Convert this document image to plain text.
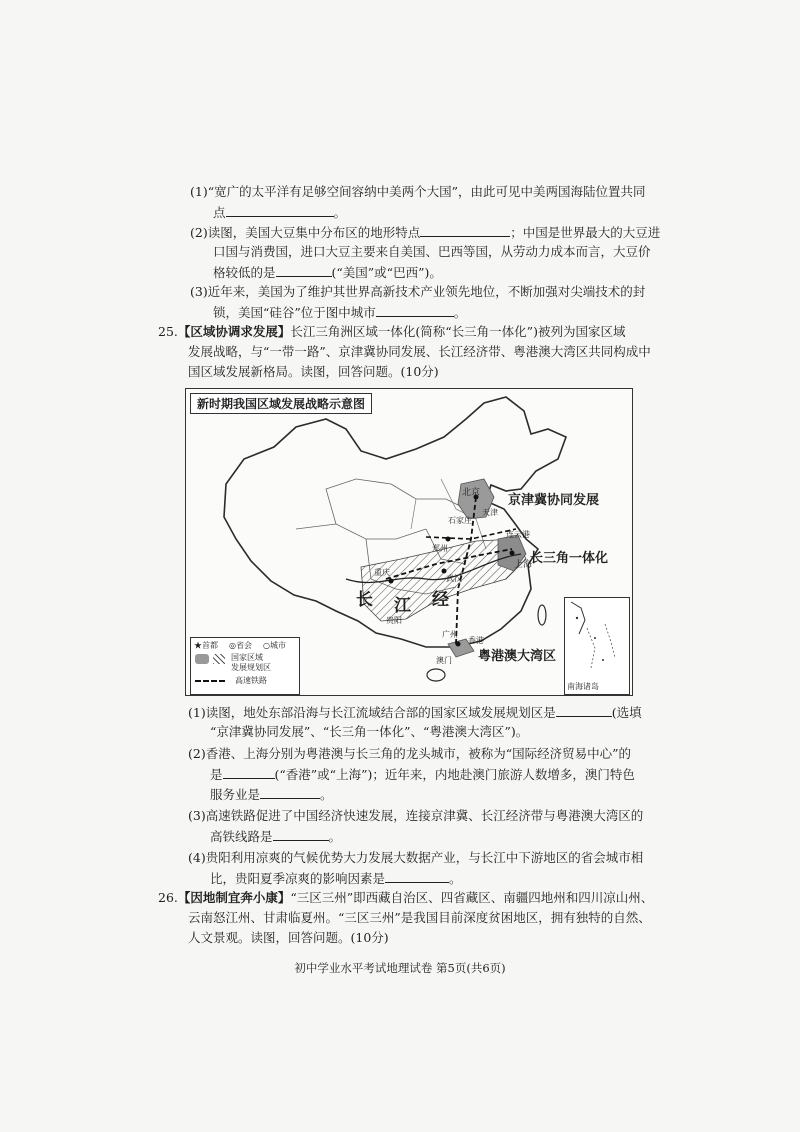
(1)“宽广的太平洋有足够空间容纳中美两个大国”，由此可见中美两国海陆位置共同
点	。
(2)读图，美国大豆集中分布区的地形特点	；中国是世界最大的大豆进
口国与消费国，进口大豆主要来自美国、巴西等国，从劳动力成本而言，大豆价
格较低的是	(“美国”或“巴西”)。
(3)近年来，美国为了维护其世界高新技术产业领先地位，不断加强对尖端技术的封
锁，美国“硅谷”位于图中城市	。
25.【区域协调求发展】长江三角洲区域一体化(简称“长三角一体化”)被列为国家区域
发展战略，与“一带一路”、京津冀协同发展、长江经济带、粤港澳大湾区共同构成中
新时期我国区域发展战略示意图
京津冀协同发展
长三角一体化
粤港澳大湾区
长 江 经
北京
天津
石家庄
连云港
郑州
上海
武汉
重庆
贵阳
广州
香港
澳门
★首都 ◎省会 ○城市
国家区域
发展规划区
高速铁路
南海诸岛
国区域发展新格局。读图，回答问题。(10分)
(1)读图，地处东部沿海与长江流域结合部的国家区域发展规划区是	(选填
“京津冀协同发展”、“长三角一体化”、“粤港澳大湾区”)。
(2)香港、上海分别为粤港澳与长三角的龙头城市，被称为“国际经济贸易中心”的
是	(“香港”或“上海”)；近年来，内地赴澳门旅游人数增多，澳门特色
服务业是	。
(3)高速铁路促进了中国经济快速发展，连接京津冀、长江经济带与粤港澳大湾区的
高铁线路是	。
(4)贵阳利用凉爽的气候优势大力发展大数据产业，与长江中下游地区的省会城市相
比，贵阳夏季凉爽的影响因素是	。
26.【因地制宜奔小康】“三区三州”即西藏自治区、四省藏区、南疆四地州和四川凉山州、
云南怒江州、甘肃临夏州。“三区三州”是我国目前深度贫困地区，拥有独特的自然、
人文景观。读图，回答问题。(10分)
初中学业水平考试地理试卷 第5页(共6页)
